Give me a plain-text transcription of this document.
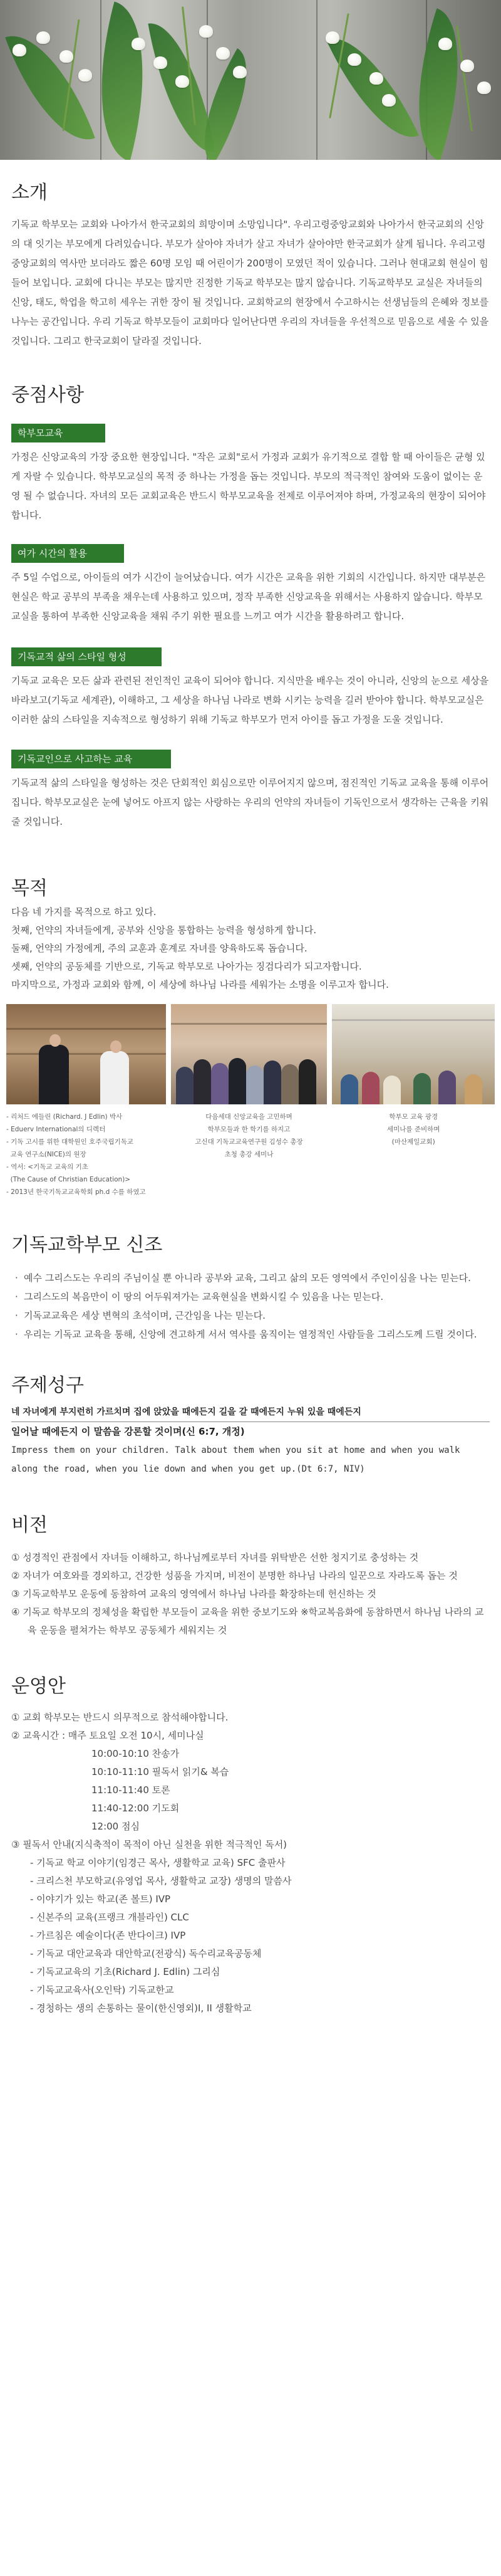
소개

기독교 학부모는 교회와 나아가서 한국교회의 희망이며 소망입니다". 우리고령중앙교회와 나아가서 한국교회의 신앙의 대 잇기는 부모에게 다려있습니다. 부모가 살아야 자녀가 살고 자녀가 살아야만 한국교회가 살게 됩니다. 우리고령중앙교회의 역사만 보더라도 짧은 60명 모임 때 어린이가 200명이 모였던 적이 있습니다. 그러나 현대교회 현실이 힘들어 보입니다. 교회에 다니는 부모는 많지만 진정한 기독교 학부모는 많지 않습니다. 기독교학부모 교실은 자녀들의 신앙, 태도, 학업을 학고히 세우는 귀한 장이 될 것입니다. 교회학교의 현장에서 수고하시는 선생님들의 은혜와 정보를 나누는 공간입니다. 우리 기독교 학부모들이 교회마다 일어난다면 우리의 자녀들을 우선적으로 믿음으로 세울 수 있을 것입니다. 그리고 한국교회이 달라질 것입니다.

중점사항
학부모교육

가정은 신앙교육의 가장 중요한 현장입니다. "작은 교회"로서 가정과 교회가 유기적으로 결합 할 때 아이들은 균형 있게 자랄 수 있습니다. 학부모교실의 목적 중 하나는 가정을 돕는 것입니다. 부모의 적극적인 참여와 도움이 없이는 운영 될 수 없습니다. 자녀의 모든 교회교육은 반드시 학부모교육을 전제로 이루어져야 하며, 가정교육의 현장이 되어야 합니다.

여가 시간의 활용

주 5일 수업으로, 아이들의 여가 시간이 늘어났습니다. 여가 시간은 교육을 위한 기회의 시간입니다. 하지만 대부분은 현실은 학교 공부의 부족을 채우는데 사용하고 있으며, 정작 부족한 신앙교육을 위해서는 사용하지 않습니다. 학부모 교실을 통하여 부족한 신앙교육을 채워 주기 위한 필요를 느끼고 여가 시간을 활용하려고 합니다.

기독교적 삶의 스타일 형성

기독교 교육은 모든 삶과 관련된 전인적인 교육이 되어야 합니다. 지식만을 배우는 것이 아니라, 신앙의 눈으로 세상을 바라보고(기독교 세계관), 이해하고, 그 세상을 하나님 나라로 변화 시키는 능력을 길러 받아야 합니다. 학부모교실은 이러한 삶의 스타일을 지속적으로 형성하기 위해 기독교 학부모가 먼저 아이를 돕고 가정을 도울 것입니다.

기독교인으로 사고하는 교육

기독교적 삶의 스타일을 형성하는 것은 단회적인 회심으로만 이루어지지 않으며, 점진적인 기독교 교육을 통해 이루어집니다. 학부모교실은 눈에 넣어도 아프지 않는 사랑하는 우리의 언약의 자녀들이 기독인으로서 생각하는 근육을 키워줄 것입니다.

목적

다음 네 가지를 목적으로 하고 있다.

첫째, 언약의 자녀들에게, 공부와 신앙을 통합하는 능력을 형성하게 합니다.

둘째, 언약의 가정에게, 주의 교훈과 훈계로 자녀를 양육하도록 돕습니다.

셋째, 언약의 공동체를 기반으로, 기독교 학부모로 나아가는 징검다리가 되고자합니다.

마지막으로, 가정과 교회와 함께, 이 세상에 하나님 나라를 세워가는 소명을 이루고자 합니다.

- 리처드 에들린 (Richard. J Edlin) 박사
- Eduerv International의 디렉터
- 기독 고시를 위한 대학원인 호주국립기독교
교육 연구소(NICE)의 원장
- 역서: <기독교 교육의 기초
(The Cause of Christian Education)>
- 2013년 한국기독교교육학회 ph.d 수를 하였고
다음세대 신앙교육을 고민하며
학부모들과 한 학기를 하지고
고신대 기독교교육연구원 김성수 총장
초청 총강 세미나
학부모 교육 광경
세미나를 준비하며
(마산제일교회)
기독교학부모 신조
· 예수 그리스도는 우리의 주님이실 뿐 아니라 공부와 교육, 그리고 삶의 모든 영역에서 주인이심을 나는 믿는다.
· 그리스도의 복음만이 이 땅의 어두워져가는 교육현실을 변화시킬 수 있음을 나는 믿는다.
· 기독교교육은 세상 변혁의 초석이며, 근간임을 나는 믿는다.
· 우리는 기독교 교육을 통해, 신앙에 견고하게 서서 역사를 움직이는 열정적인 사람들을 그리스도께 드릴 것이다.
주제성구

네 자녀에게 부지런히 가르치며 집에 앉았을 때에든지 길을 갈 때에든지 누워 있을 때에든지

일어날 때에든지 이 말씀을 강론할 것이며(신 6:7, 개정)

Impress them on your children. Talk about them when you sit at home and when you walk along the road, when you lie down and when you get up.(Dt 6:7, NIV)

비전
① 성경적인 관점에서 자녀들 이해하고, 하나님께로부터 자녀를 위탁받은 선한 청지기로 충성하는 것
② 자녀가 여호와를 경외하고, 건강한 성품을 가지며, 비전이 분명한 하나님 나라의 일꾼으로 자라도록 돕는 것
③ 기독교학부모 운동에 동참하여 교육의 영역에서 하나님 나라를 확장하는데 헌신하는 것
④ 기독교 학부모의 정체성을 확립한 부모들이 교육을 위한 중보기도와 ※학교복음화에 동참하면서 하나님 나라의 교육 운동을 펼쳐가는 학부모 공동체가 세워지는 것
운영안
① 교회 학부모는 반드시 의무적으로 참석해야합니다.
② 교육시간 : 매주 토요일 오전 10시, 세미나실
10:00-10:10 찬송가
10:10-11:10 필독서 읽기& 복습
11:10-11:40 토론
11:40-12:00 기도회
12:00 점심
③ 필독서 안내(지식축적이 목적이 아닌 실천을 위한 적극적인 독서)
- 기독교 학교 이야기(임경근 목사, 생활학교 교육) SFC 출판사
- 크리스천 부모학교(유영업 목사, 생활학교 교장) 생명의 말씀사
- 이야기가 있는 학교(존 볼트) IVP
- 신본주의 교육(프랭크 개블라인) CLC
- 가르침은 예술이다(존 반다이크) IVP
- 기독교 대안교육과 대안학교(전광식) 독수리교육공동체
- 기독교교육의 기초(Richard J. Edlin) 그리심
- 기독교교육사(오인탁) 기독교한교
- 경청하는 생의 손통하는 물이(한신영외)I, II 생활학교
